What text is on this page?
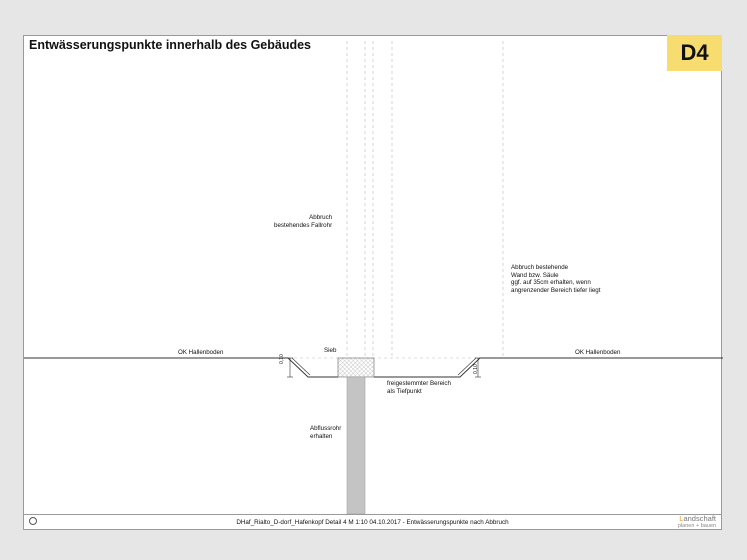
Entwässerungspunkte innerhalb des Gebäudes	D4
Abbruch
bestehendes Fallrohr
Abbruch bestehende
Wand bzw. Säule
ggf. auf 35cm erhalten, wenn
angrenzender Bereich tiefer liegt
OK Hallenboden	OK Hallenboden
Sieb
freigestemmter Bereich
als Tiefpunkt
Abflussrohr
erhalten
0,10
0,10
DHaf_Rialto_D-dorf_Hafenkopf Detail 4 M 1:10 04.10.2017 - Entwässerungspunkte nach Abbruch	Landschaft
planen + bauen
